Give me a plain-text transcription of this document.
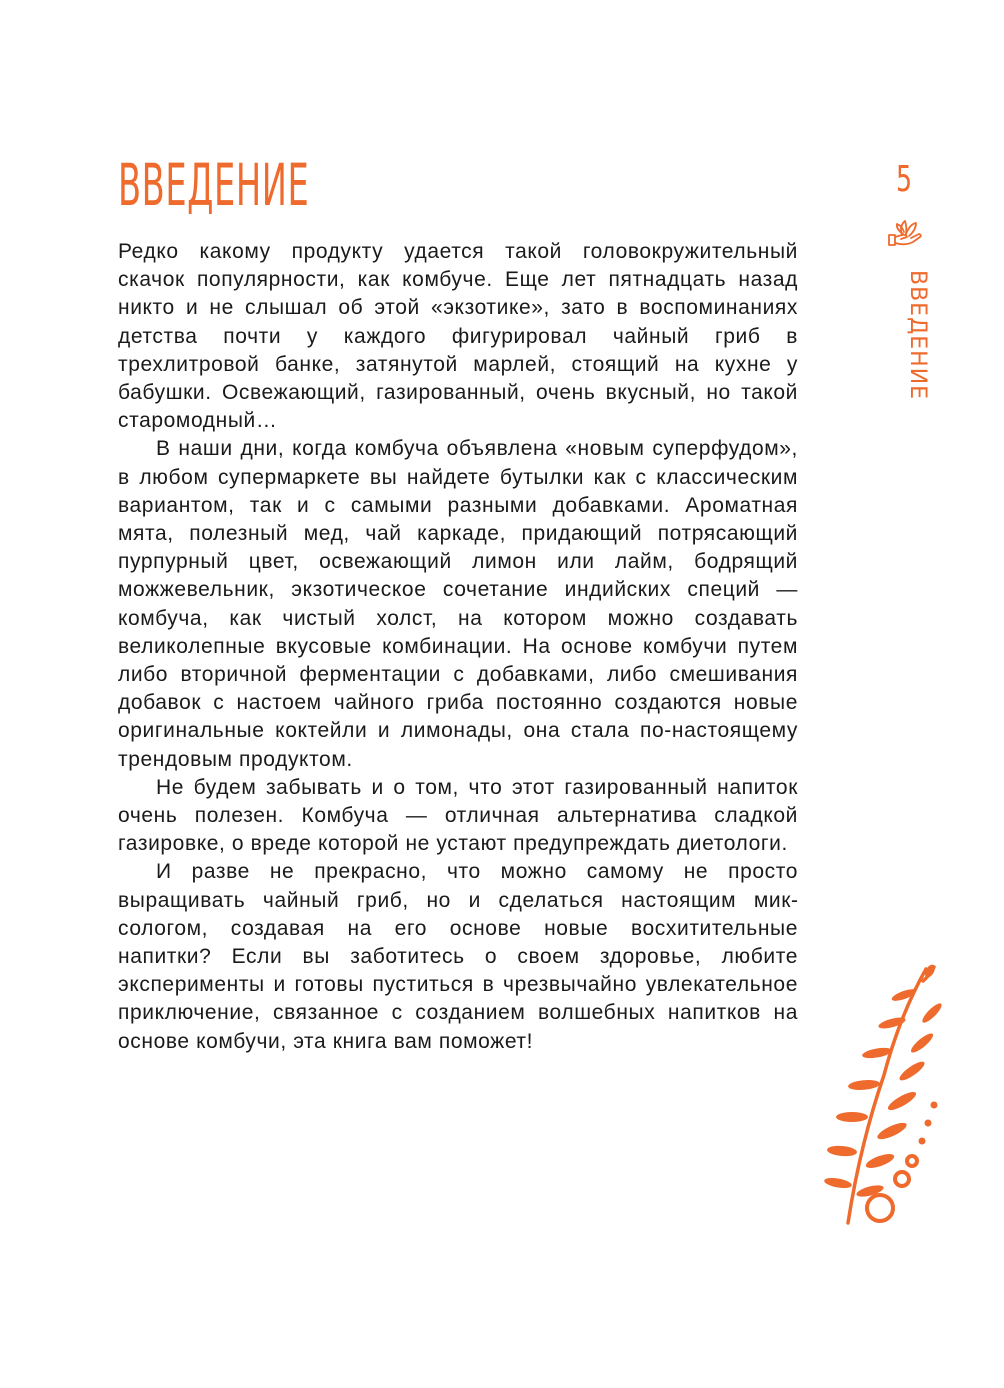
ВВЕДЕНИЕ	5
ВВЕДЕНИЕ

Редко какому продукту удается такой головокружительный скачок популярности, как комбуче. Еще лет пятнадцать назад никто и не слышал об этой «экзотике», зато в воспоминаниях детства почти у каждого фигурировал чайный гриб в трехлитровой банке, затянутой марлей, стоящий на кухне у бабушки. Освежающий, газированный, очень вкусный, но такой старомодный…

В наши дни, когда комбуча объявлена «новым суперфудом», в любом супермаркете вы найдете бутылки как с классическим вариантом, так и с самыми разными добавками. Ароматная мята, полезный мед, чай каркаде, придающий потрясающий пурпурный цвет, освежающий лимон или лайм, бодрящий можжевельник, экзотическое сочетание индийских специй — комбуча, как чистый холст, на котором можно создавать великолепные вкусовые комбинации. На основе комбучи путем либо вторичной ферментации с добавками, либо смешивания добавок с настоем чайного гриба постоянно создаются новые оригинальные коктейли и лимонады, она стала по-настоящему трендовым продуктом.

Не будем забывать и о том, что этот газированный напиток очень полезен. Комбуча — отличная альтернатива сладкой газировке, о вреде которой не устают предупреждать диетологи.

И разве не прекрасно, что можно самому не просто выращивать чайный гриб, но и сделаться настоящим миксологом, создавая на его основе новые восхитительные напитки? Если вы заботитесь о своем здоровье, любите эксперименты и готовы пуститься в чрезвычайно увлекательное приключение, связанное с созданием волшебных напитков на основе комбучи, эта книга вам поможет!
